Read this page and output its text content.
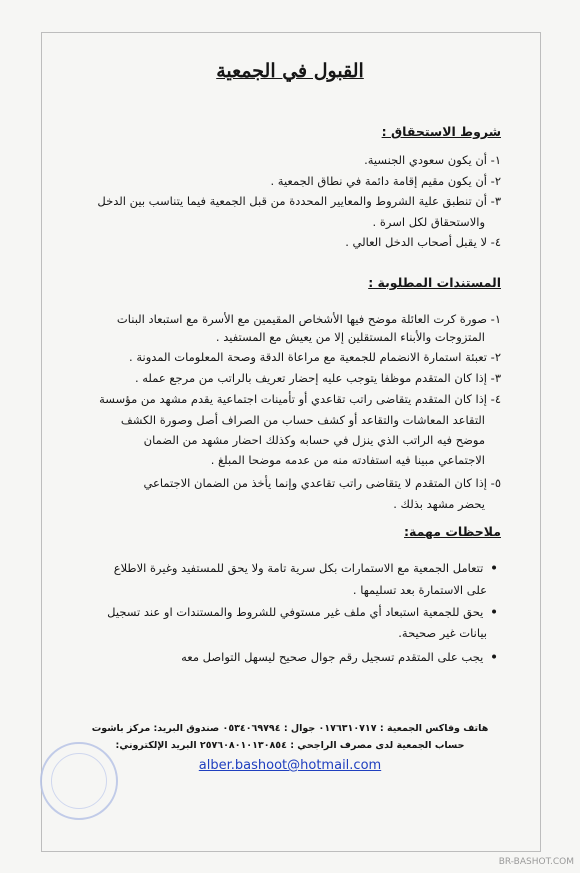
القبول في الجمعية
شروط الاستحقاق :
١- أن يكون سعودي الجنسية.
٢- أن يكون مقيم إقامة دائمة في نطاق الجمعية .
٣- أن تنطبق علية الشروط والمعايير المحددة من قبل الجمعية فيما يتناسب بين الدخل
والاستحقاق لكل اسرة .
٤- لا يقبل أصحاب الدخل العالي .
المستندات المطلوبة :
١- صورة كرت العائلة موضح فيها الأشخاص المقيمين مع الأسرة مع استبعاد البنات
المتزوجات والأبناء المستقلين إلا من يعيش مع المستفيد .
٢- تعبئة استمارة الانضمام للجمعية مع مراعاة الدقة وصحة المعلومات المدونة .
٣- إذا كان المتقدم موظفا يتوجب عليه إحضار تعريف بالراتب من مرجع عمله .
٤- إذا كان المتقدم يتقاضى راتب تقاعدي أو تأمينات اجتماعية يقدم مشهد من مؤسسة
التقاعد المعاشات والتقاعد أو كشف حساب من الصراف أصل وصورة الكشف
موضح فيه الراتب الذي ينزل في حسابه وكذلك احضار مشهد من الضمان
الاجتماعي مبينا فيه استفادته منه من عدمه موضحا المبلغ .
٥- إذا كان المتقدم لا يتقاضى راتب تقاعدي وإنما يأخذ من الضمان الاجتماعي
يحضر مشهد بذلك .
ملاحظات مهمة:
• تتعامل الجمعية مع الاستمارات بكل سرية تامة ولا يحق للمستفيد وغيرة الاطلاع
على الاستمارة بعد تسليمها .
• يحق للجمعية استبعاد أي ملف غير مستوفي للشروط والمستندات او عند تسجيل
بيانات غير صحيحة.
• يجب على المتقدم تسجيل رقم جوال صحيح ليسهل التواصل معه
هاتف وفاكس الجمعية : ٠١٧٦٣١٠٧١٧ جوال : ٠٥٣٤٠٦٩٧٩٤ صندوق البريد: مركز باشوت
حساب الجمعية لدى مصرف الراجحي : ٢٥٧٦٠٨٠١٠١٣٠٨٥٤ البريد الإلكتروني:
alber.bashoot@hotmail.com
BR-BASHOT.COM
